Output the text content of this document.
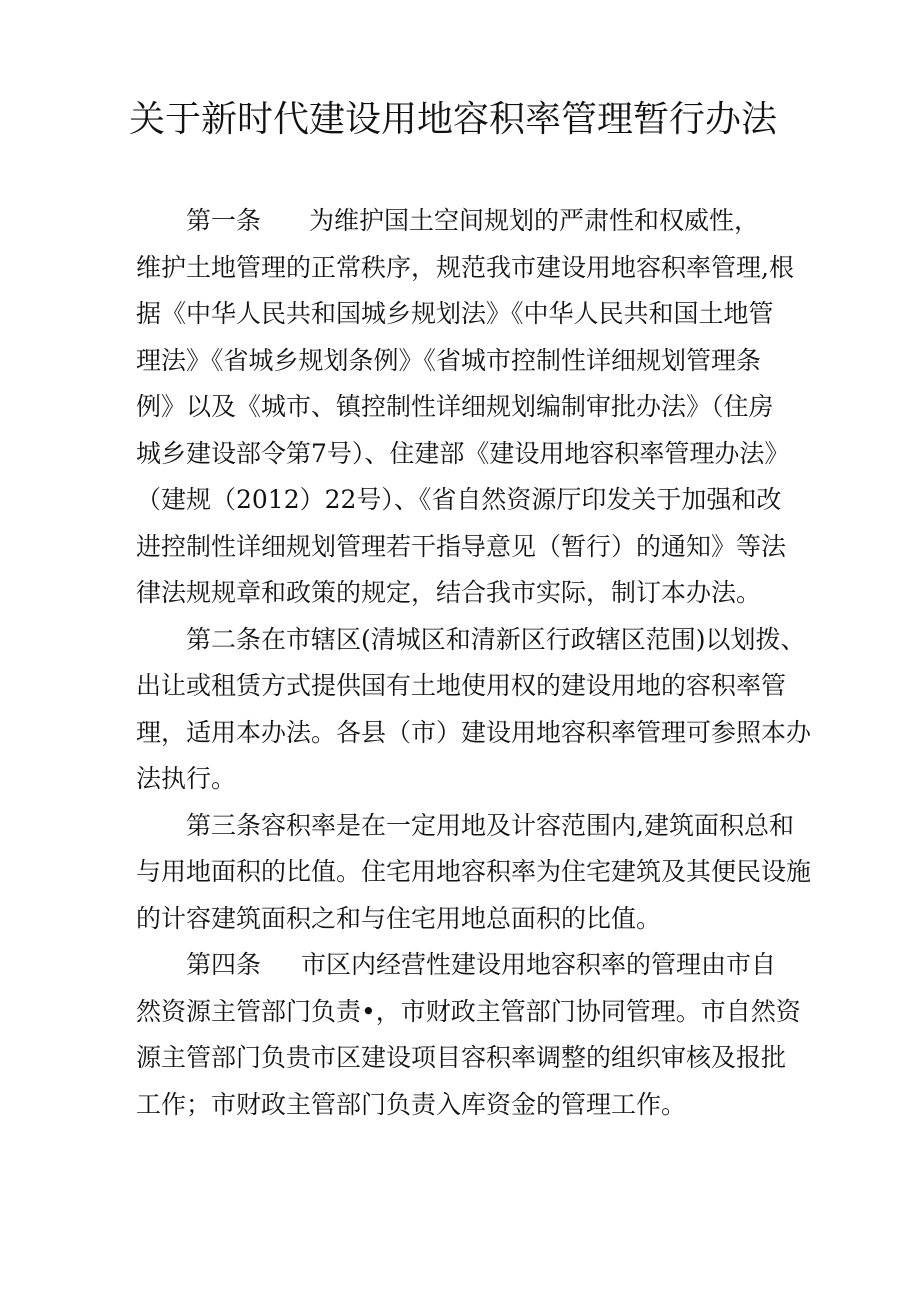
关于新时代建设用地容积率管理暂行办法
第一条 为维护国土空间规划的严肃性和权威性，
维护土地管理的正常秩序，规范我市建设用地容积率管理,根
据《中华人民共和国城乡规划法》《中华人民共和国土地管
理法》《省城乡规划条例》《省城市控制性详细规划管理条
例》以及《城市、镇控制性详细规划编制审批办法》（住房
城乡建设部令第7号）、住建部《建设用地容积率管理办法》
（建规（2012）22号）、《省自然资源厅印发关于加强和改
进控制性详细规划管理若干指导意见（暂行）的通知》等法
律法规规章和政策的规定，结合我市实际，制订本办法。
第二条在市辖区(清城区和清新区行政辖区范围)以划拨、
出让或租赁方式提供国有土地使用权的建设用地的容积率管
理，适用本办法。各县（市）建设用地容积率管理可参照本办
法执行。
第三条容积率是在一定用地及计容范围内,建筑面积总和
与用地面积的比值。住宅用地容积率为住宅建筑及其便民设施
的计容建筑面积之和与住宅用地总面积的比值。
第四条 市区内经营性建设用地容积率的管理由市自
然资源主管部门负责•，市财政主管部门协同管理。市自然资
源主管部门负贵市区建设项目容积率调整的组织审核及报批
工作；市财政主管部门负责入库资金的管理工作。
